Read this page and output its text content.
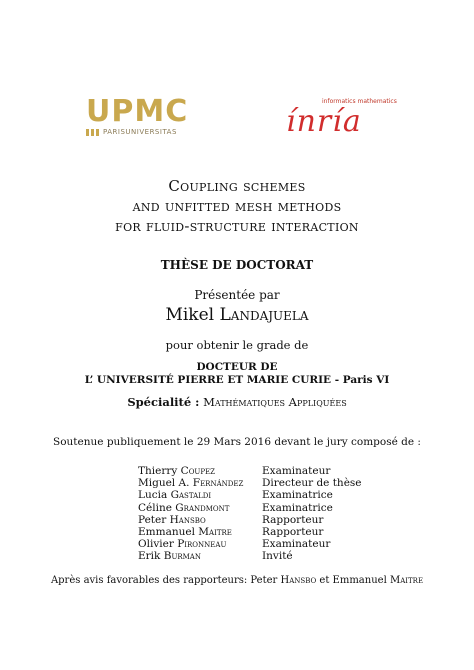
UPMC
PARISUNIVERSITAS
informatics mathematics
ínría
Coupling schemes
and unfitted mesh methods
for fluid-structure interaction
THÈSE DE DOCTORAT
Présentée par
Mikel Landajuela
pour obtenir le grade de
DOCTEUR DE
L’ UNIVERSITÉ PIERRE ET MARIE CURIE - Paris VI
Spécialité : Mathématiques Appliquées
Soutenue publiquement le 29 Mars 2016 devant le jury composé de :
Thierry Coupez	Examinateur
Miguel A. Fernández	Directeur de thèse
Lucia Gastaldi	Examinatrice
Céline Grandmont	Examinatrice
Peter Hansbo	Rapporteur
Emmanuel Maitre	Rapporteur
Olivier Pironneau	Examinateur
Erik Burman	Invité
Après avis favorables des rapporteurs: Peter Hansbo et Emmanuel Maitre
